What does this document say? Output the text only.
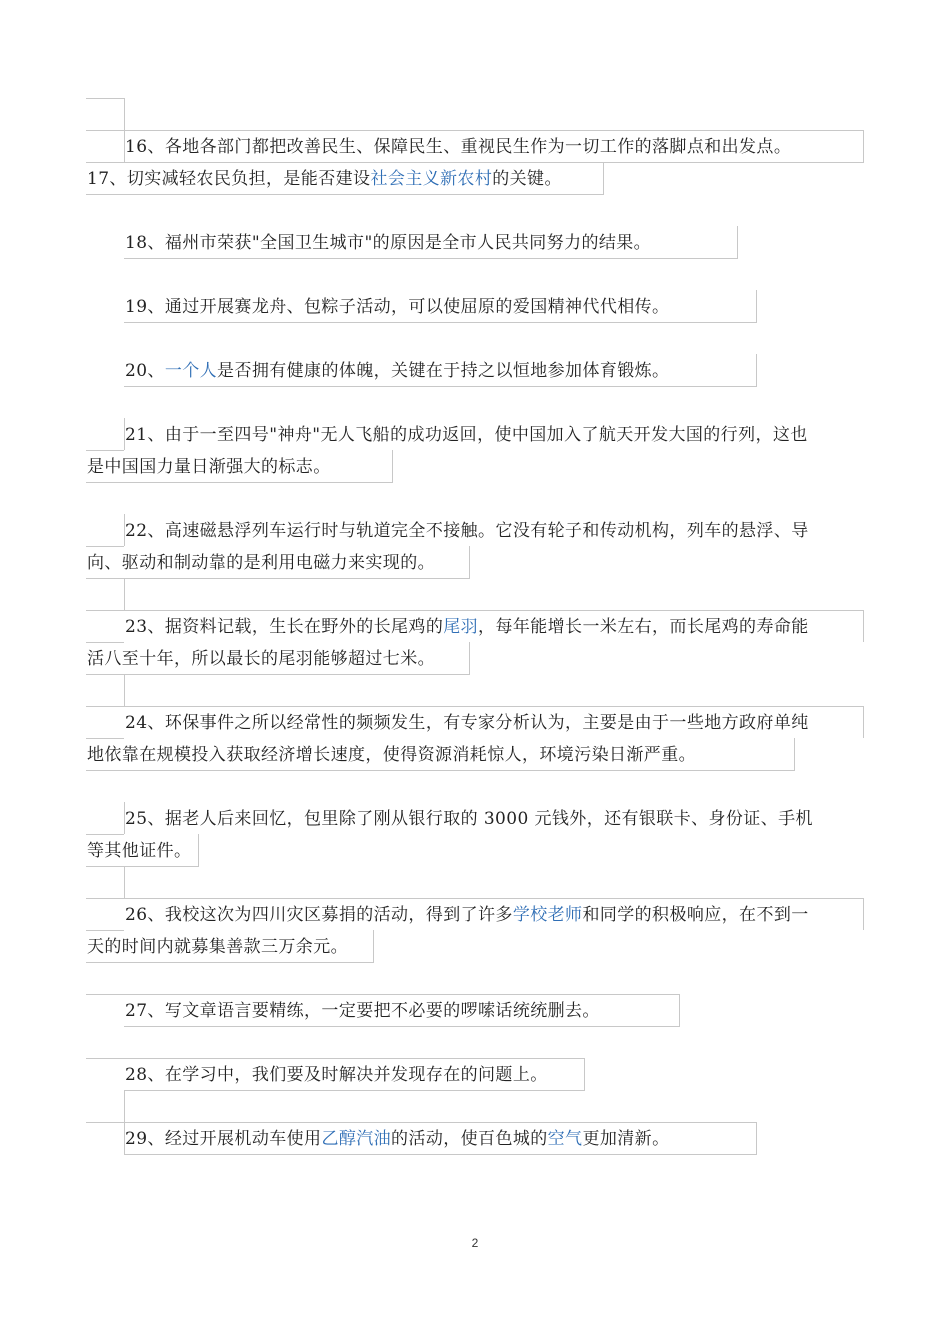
16、各地各部门都把改善民生、保障民生、重视民生作为一切工作的落脚点和出发点。
17、切实减轻农民负担，是能否建设社会主义新农村的关键。
18、福州市荣获"全国卫生城市"的原因是全市人民共同努力的结果。
19、通过开展赛龙舟、包粽子活动，可以使屈原的爱国精神代代相传。
20、一个人是否拥有健康的体魄，关键在于持之以恒地参加体育锻炼。
21、由于一至四号"神舟"无人飞船的成功返回，使中国加入了航天开发大国的行列，这也
是中国国力量日渐强大的标志。
22、高速磁悬浮列车运行时与轨道完全不接触。它没有轮子和传动机构，列车的悬浮、导
向、驱动和制动靠的是利用电磁力来实现的。
23、据资料记载，生长在野外的长尾鸡的尾羽，每年能增长一米左右，而长尾鸡的寿命能
活八至十年，所以最长的尾羽能够超过七米。
24、环保事件之所以经常性的频频发生，有专家分析认为，主要是由于一些地方政府单纯
地依靠在规模投入获取经济增长速度，使得资源消耗惊人，环境污染日渐严重。
25、据老人后来回忆，包里除了刚从银行取的 3000 元钱外，还有银联卡、身份证、手机
等其他证件。
26、我校这次为四川灾区募捐的活动，得到了许多学校老师和同学的积极响应，在不到一
天的时间内就募集善款三万余元。
27、写文章语言要精练，一定要把不必要的啰嗦话统统删去。
28、在学习中，我们要及时解决并发现存在的问题上。
29、经过开展机动车使用乙醇汽油的活动，使百色城的空气更加清新。
2
